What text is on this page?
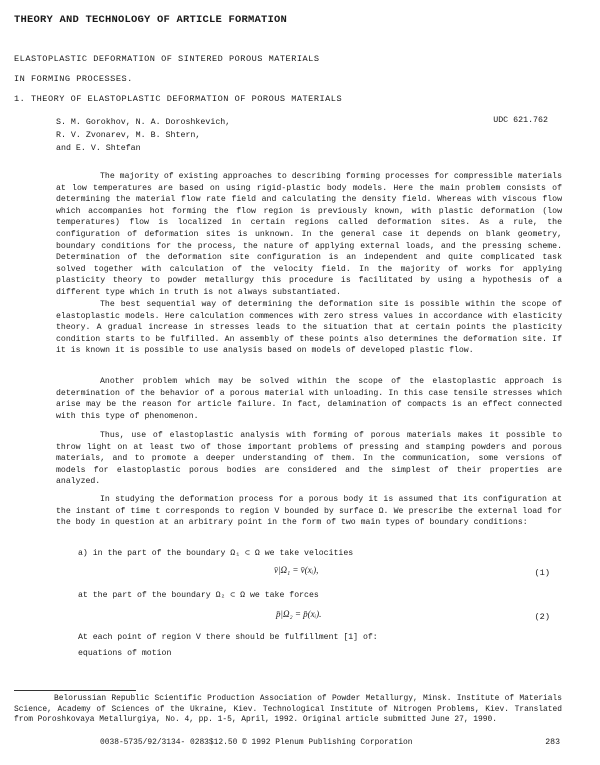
THEORY AND TECHNOLOGY OF ARTICLE FORMATION
ELASTOPLASTIC DEFORMATION OF SINTERED POROUS MATERIALS
IN FORMING PROCESSES.
1. THEORY OF ELASTOPLASTIC DEFORMATION OF POROUS MATERIALS
S. M. Gorokhov, N. A. Doroshkevich,
R. V. Zvonarev, M. B. Shtern,
and E. V. Shtefan
UDC 621.762

The majority of existing approaches to describing forming processes for compressible materials at low temperatures are based on using rigid-plastic body models. Here the main problem consists of determining the material flow rate field and calculating the density field. Whereas with viscous flow which accompanies hot forming the flow region is previously known, with plastic deformation (low temperatures) flow is localized in certain regions called deformation sites. As a rule, the configuration of deformation sites is unknown. In the general case it depends on blank geometry, boundary conditions for the process, the nature of applying external loads, and the pressing scheme. Determination of the deformation site configuration is an independent and quite complicated task solved together with calculation of the velocity field. In the majority of works for applying plasticity theory to powder metallurgy this procedure is facilitated by using a hypothesis of a different type which in truth is not always substantiated.

The best sequential way of determining the deformation site is possible within the scope of elastoplastic models. Here calculation commences with zero stress values in accordance with elasticity theory. A gradual increase in stresses leads to the situation that at certain points the plasticity condition starts to be fulfilled. An assembly of these points also determines the deformation site. If it is known it is possible to use analysis based on models of developed plastic flow.

Another problem which may be solved within the scope of the elastoplastic approach is determination of the behavior of a porous material with unloading. In this case tensile stresses which arise may be the reason for article failure. In fact, delamination of compacts is an effect connected with this type of phenomenon.

Thus, use of elastoplastic analysis with forming of porous materials makes it possible to throw light on at least two of those important problems of pressing and stamping powders and porous materials, and to promote a deeper understanding of them. In the communication, some versions of models for elastoplastic porous bodies are considered and the simplest of their properties are analyzed.

In studying the deformation process for a porous body it is assumed that its configuration at the instant of time t corresponds to region V bounded by surface Ω. We prescribe the external load for the body in question at an arbitrary point in the form of two main types of boundary conditions:

a) in the part of the boundary Ω₁ ⊂ Ω we take velocities
v̄|Ω₁ = v̄(xᵢ),	(1)
at the part of the boundary Ω₂ ⊂ Ω we take forces
p̄|Ω₂ = p̄(xᵢ).	(2)
At each point of region V there should be fulfillment [1] of:
equations of motion

Belorussian Republic Scientific Production Association of Powder Metallurgy, Minsk. Institute of Materials Science, Academy of Sciences of the Ukraine, Kiev. Technological Institute of Nitrogen Problems, Kiev. Translated from Poroshkovaya Metallurgiya, No. 4, pp. 1-5, April, 1992. Original article submitted June 27, 1990.

0038-5735/92/3134- 0283$12.50 © 1992 Plenum Publishing Corporation	283
